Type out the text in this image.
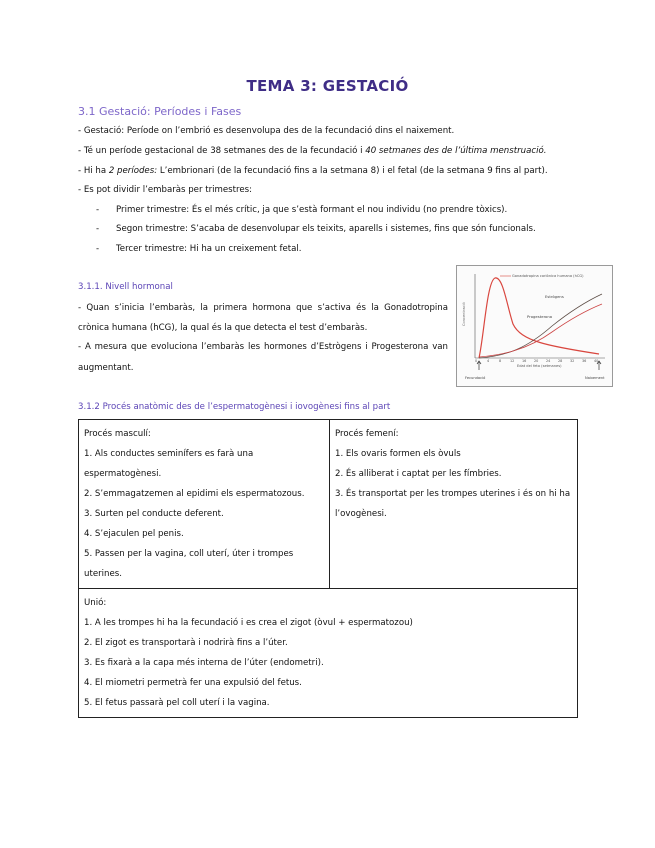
TEMA 3: GESTACIÓ
3.1 Gestació: Períodes i Fases
- Gestació: Període on l’embrió es desenvolupa des de la fecundació dins el naixement.
- Té un període gestacional de 38 setmanes des de la fecundació i 40 setmanes des de l’última menstruació.
- Hi ha 2 períodes: L’embrionari (de la fecundació fins a la setmana 8) i el fetal (de la setmana 9 fins al part).
- Es pot dividir l’embaràs per trimestres:
- Primer trimestre: És el més crític, ja que s’està formant el nou individu (no prendre tòxics).
- Segon trimestre: S’acaba de desenvolupar els teixits, aparells i sistemes, fins que són funcionals.
- Tercer trimestre: Hi ha un creixement fetal.
3.1.1. Nivell hormonal
- Quan s’inicia l’embaràs, la primera hormona que s’activa és la Gonadotropina
crònica humana (hCG), la qual és la que detecta el test d’embaràs.
- A mesura que evoluciona l’embaràs les hormones d’Estrògens i Progesterona van
augmentant.
Concentració
Gonadotropina coriònica humana (hCG)
Estrògens
Progesterona
0	4	8	12 16 20 24 28 32 36 40
Edat del feto (setmanes)
Fecundació	Naixement
3.1.2 Procés anatòmic des de l’espermatogènesi i iovogènesi fins al part
Procés masculí:
1. Als conductes seminífers es farà una
espermatogènesi.
2. S’emmagatzemen al epidimi els espermatozous.
3. Surten pel conducte deferent.
4. S’ejaculen pel penis.
5. Passen per la vagina, coll uterí, úter i trompes
uterines.
Procés femení:
1. Els ovaris formen els òvuls
2. És alliberat i captat per les fímbries.
3. És transportat per les trompes uterines i és on hi ha
l’ovogènesi.
Unió:
1. A les trompes hi ha la fecundació i es crea el zigot (òvul + espermatozou)
2. El zigot es transportarà i nodrirà fins a l’úter.
3. Es fixarà a la capa més interna de l’úter (endometri).
4. El miometri permetrà fer una expulsió del fetus.
5. El fetus passarà pel coll uterí i la vagina.
